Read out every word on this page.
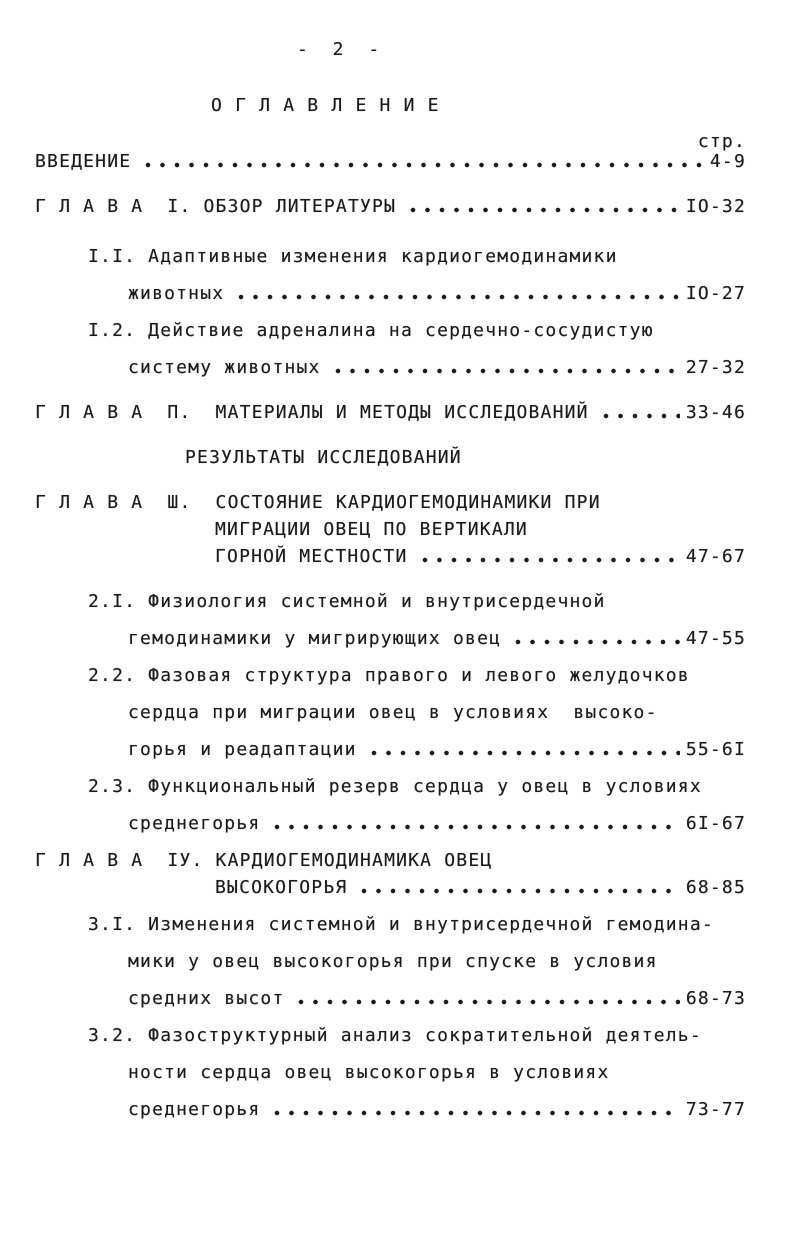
- 2 -
О Г Л А В Л Е Н И Е
стр.
ВВЕДЕНИЕ	4-9
Г Л А В А  I. ОБЗОР ЛИТЕРАТУРЫ	IO-32
I.I. Адаптивные изменения кардиогемодинамики
животных	IO-27
I.2. Действие адреналина на сердечно-сосудистую
систему животных	27-32
Г Л А В А  П.  МАТЕРИАЛЫ И МЕТОДЫ ИССЛЕДОВАНИЙ	33-46
РЕЗУЛЬТАТЫ ИССЛЕДОВАНИЙ
Г Л А В А  Ш.  СОСТОЯНИЕ КАРДИОГЕМОДИНАМИКИ ПРИ
МИГРАЦИИ ОВЕЦ ПО ВЕРТИКАЛИ
ГОРНОЙ МЕСТНОСТИ	47-67
2.I. Физиология системной и внутрисердечной
гемодинамики у мигрирующих овец	47-55
2.2. Фазовая структура правого и левого желудочков
сердца при миграции овец в условиях  высоко-
горья и реадаптации	55-6I
2.3. Функциональный резерв сердца у овец в условиях
среднегорья	6I-67
Г Л А В А  IУ. КАРДИОГЕМОДИНАМИКА ОВЕЦ
ВЫСОКОГОРЬЯ	68-85
3.I. Изменения системной и внутрисердечной гемодина-
мики у овец высокогорья при спуске в условия
средних высот	68-73
3.2. Фазоструктурный анализ сократительной деятель-
ности сердца овец высокогорья в условиях
среднегорья	73-77
